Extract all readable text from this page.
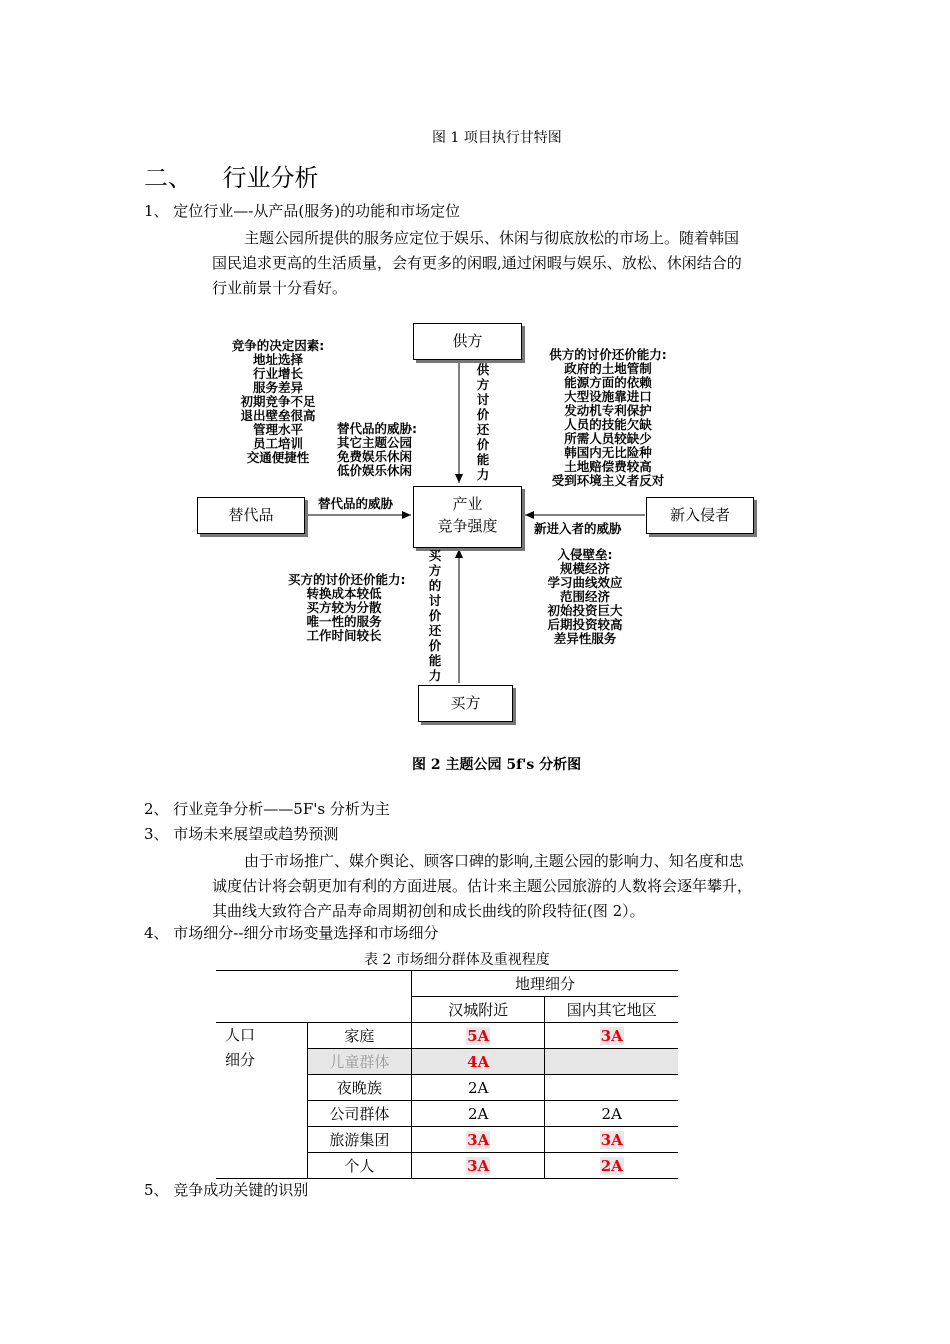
图 1 项目执行甘特图
二、    行业分析
1、 定位行业—-从产品(服务)的功能和市场定位
主题公园所提供的服务应定位于娱乐、休闲与彻底放松的市场上。随着韩国
国民追求更高的生活质量，会有更多的闲暇,通过闲暇与娱乐、放松、休闲结合的
行业前景十分看好。
供方
产业
竞争强度
替代品	新入侵者
买方
供方讨价还价能力
买方的讨价还价能力
替代品的威胁
新进入者的威胁
竞争的决定因素:
地址选择
行业增长
服务差异
初期竞争不足
退出壁垒很高
管理水平
员工培训
交通便捷性
替代品的威胁:
其它主题公园
免费娱乐休闲
低价娱乐休闲
供方的讨价还价能力:
政府的土地管制
能源方面的依赖
大型设施靠进口
发动机专利保护
人员的技能欠缺
所需人员较缺少
韩国内无比险种
土地赔偿费较高
受到环境主义者反对
买方的讨价还价能力:
转换成本较低
买方较为分散
唯一性的服务
工作时间较长
入侵壁垒:
规模经济
学习曲线效应
范围经济
初始投资巨大
后期投资较高
差异性服务
图 2 主题公园 5f's 分析图
2、 行业竞争分析——5F's 分析为主
3、 市场未来展望或趋势预测
由于市场推广、媒介舆论、顾客口碑的影响,主题公园的影响力、知名度和忠
诚度估计将会朝更加有利的方面进展。估计来主题公园旅游的人数将会逐年攀升，
其曲线大致符合产品寿命周期初创和成长曲线的阶段特征(图 2）。
4、 市场细分--细分市场变量选择和市场细分
表 2 市场细分群体及重视程度
		地理细分	
		汉城附近	国内其它地区
人口
细分	家庭	5A	3A
	儿童群体	4A	
	夜晚族	2A	
	公司群体	2A	2A
	旅游集团	3A	3A
	个人	3A	2A
5、 竞争成功关键的识别
